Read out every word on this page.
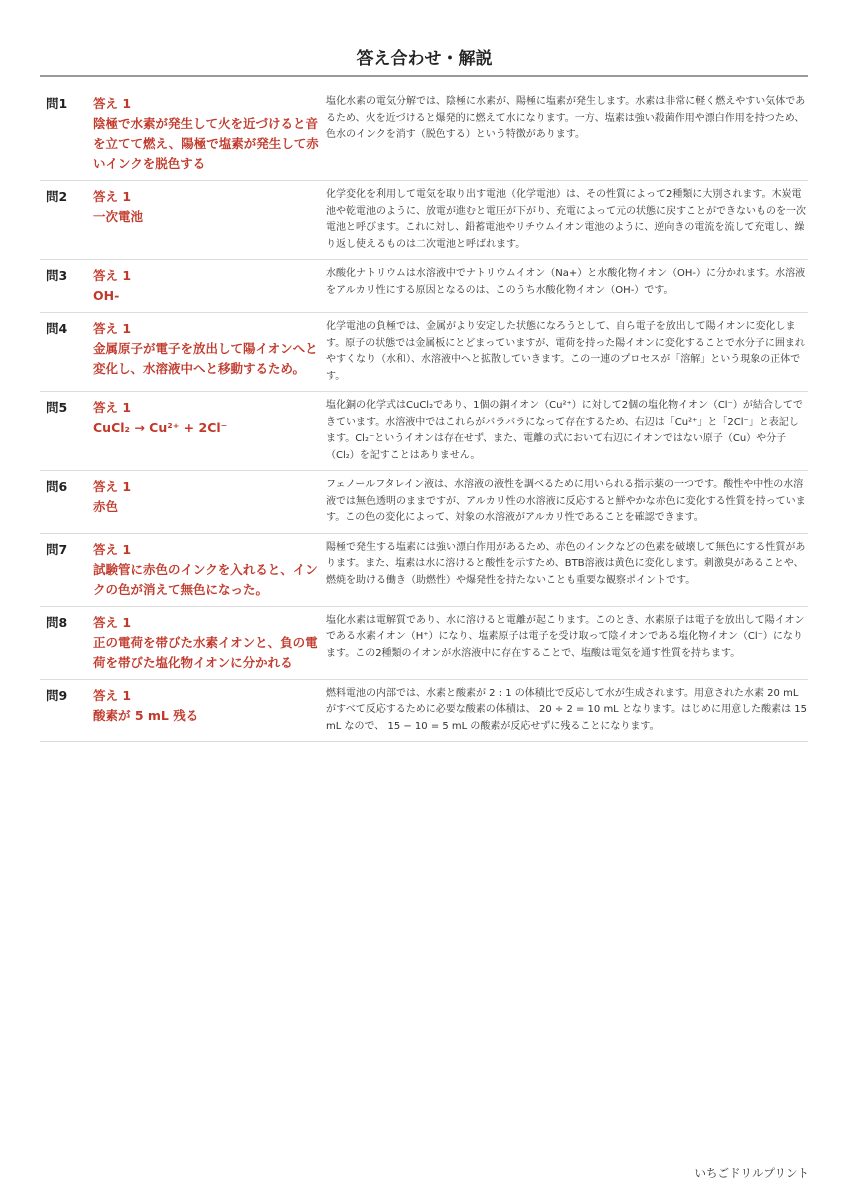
答え合わせ・解説
問1	答え 1
陰極で水素が発生して火を近づけると音を立てて燃え、陽極で塩素が発生して赤いインクを脱色する
塩化水素の電気分解では、陰極に水素が、陽極に塩素が発生します。水素は非常に軽く燃えやすい気体であるため、火を近づけると爆発的に燃えて水になります。一方、塩素は強い殺菌作用や漂白作用を持つため、色水のインクを消す（脱色する）という特徴があります。
問2	答え 1
一次電池
化学変化を利用して電気を取り出す電池（化学電池）は、その性質によって2種類に大別されます。木炭電池や乾電池のように、放電が進むと電圧が下がり、充電によって元の状態に戻すことができないものを一次電池と呼びます。これに対し、鉛蓄電池やリチウムイオン電池のように、逆向きの電流を流して充電し、繰り返し使えるものは二次電池と呼ばれます。
問3	答え 1
OH-
水酸化ナトリウムは水溶液中でナトリウムイオン（Na+）と水酸化物イオン（OH-）に分かれます。水溶液をアルカリ性にする原因となるのは、このうち水酸化物イオン（OH-）です。
問4	答え 1
金属原子が電子を放出して陽イオンへと変化し、水溶液中へと移動するため。
化学電池の負極では、金属がより安定した状態になろうとして、自ら電子を放出して陽イオンに変化します。原子の状態では金属板にとどまっていますが、電荷を持った陽イオンに変化することで水分子に囲まれやすくなり（水和）、水溶液中へと拡散していきます。この一連のプロセスが「溶解」という現象の正体です。
問5	答え 1
CuCl₂ → Cu²⁺ + 2Cl⁻
塩化銅の化学式はCuCl₂であり、1個の銅イオン（Cu²⁺）に対して2個の塩化物イオン（Cl⁻）が結合してできています。水溶液中ではこれらがバラバラになって存在するため、右辺は「Cu²⁺」と「2Cl⁻」と表記します。Cl₂⁻というイオンは存在せず、また、電離の式において右辺にイオンではない原子（Cu）や分子（Cl₂）を記すことはありません。
問6	答え 1
赤色
フェノールフタレイン液は、水溶液の液性を調べるために用いられる指示薬の一つです。酸性や中性の水溶液では無色透明のままですが、アルカリ性の水溶液に反応すると鮮やかな赤色に変化する性質を持っています。この色の変化によって、対象の水溶液がアルカリ性であることを確認できます。
問7	答え 1
試験管に赤色のインクを入れると、インクの色が消えて無色になった。
陽極で発生する塩素には強い漂白作用があるため、赤色のインクなどの色素を破壊して無色にする性質があります。また、塩素は水に溶けると酸性を示すため、BTB溶液は黄色に変化します。刺激臭があることや、燃焼を助ける働き（助燃性）や爆発性を持たないことも重要な観察ポイントです。
問8	答え 1
正の電荷を帯びた水素イオンと、負の電荷を帯びた塩化物イオンに分かれる
塩化水素は電解質であり、水に溶けると電離が起こります。このとき、水素原子は電子を放出して陽イオンである水素イオン（H⁺）になり、塩素原子は電子を受け取って陰イオンである塩化物イオン（Cl⁻）になります。この2種類のイオンが水溶液中に存在することで、塩酸は電気を通す性質を持ちます。
問9	答え 1
酸素が 5 mL 残る
燃料電池の内部では、水素と酸素が 2 : 1 の体積比で反応して水が生成されます。用意された水素 20 mL がすべて反応するために必要な酸素の体積は、 20 ÷ 2 = 10 mL となります。はじめに用意した酸素は 15 mL なので、 15 − 10 = 5 mL の酸素が反応せずに残ることになります。
いちごドリルプリント
